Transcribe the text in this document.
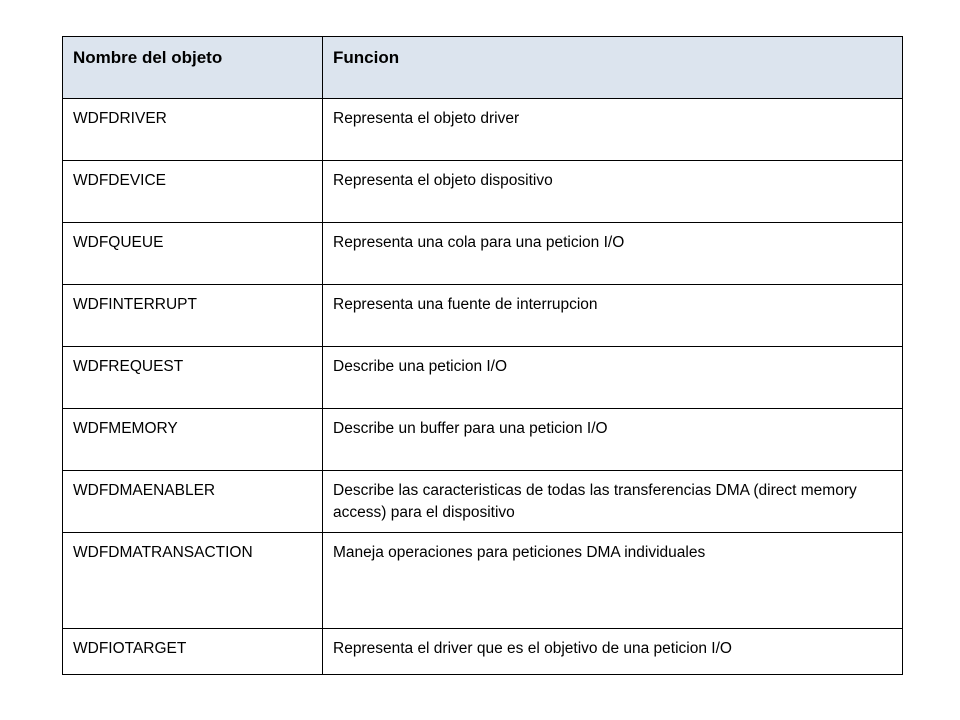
Nombre del objeto	Funcion
WDFDRIVER	Representa el objeto driver
WDFDEVICE	Representa el objeto dispositivo
WDFQUEUE	Representa una cola para una peticion I/O
WDFINTERRUPT	Representa una fuente de interrupcion
WDFREQUEST	Describe una peticion I/O
WDFMEMORY	Describe un buffer para una peticion I/O
WDFDMAENABLER	Describe las caracteristicas de todas las transferencias DMA (direct memory access) para el dispositivo
WDFDMATRANSACTION	Maneja operaciones para peticiones DMA individuales
WDFIOTARGET	Representa el driver que es el objetivo de una peticion I/O
